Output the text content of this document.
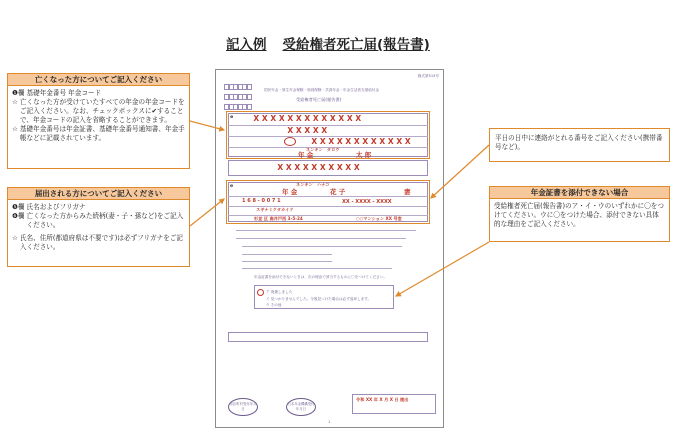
記入例 受給権者死亡届(報告書)
亡くなった方についてご記入ください
❶欄 基礎年金番号 年金コード
☆ 亡くなった方が受けていたすべての年金の年金コードをご記入ください。なお、チェックボックスに✔することで、年金コードの記入を省略することができます。
☆ 基礎年金番号は年金証書、基礎年金番号通知書、年金手帳などに記載されています。
届出される方についてご記入ください
❺欄 氏名およびフリガナ
❻欄 亡くなった方からみた続柄(妻・子・孫など)をご記入ください。
☆ 氏名、住所(都道府県は不要です)は必ずフリガナをご記入ください。
平日の日中に連絡がとれる番号をご記入ください(携帯番号など)。
年金証書を添付できない場合
受給権者死亡届(報告書)のア・イ・ウのいずれかに〇をつけてください。ウに〇をつけた場合、添付できない具体的な理由をご記入ください。
様式第515号
国民年金・厚生年金保険・船員保険・共済年金・年金生活者支援給付金
受給権者死亡届(報告書)
❶	X X X X X X X X X X X X X
X X X X X
X X X X X X X X X X X X
ネンキン　タロウ
年 金	太 郎
X X X X X X X X X X
❺	ネンキン　ハナコ
年 金	花 子	妻
1 6 8 - 0 0 7 1	XX - XXXX - XXXX
スギナミクタカイド
杉並 区 高井戸西 3-5-24	○○マンション XX 号室
年金証書を添付できないときは、次の理由で該当するものに〇をつけてください。
ア 廃棄しました
イ 見つかりませんでした。今後見つけた場合は必ず返却します。
ウ その他
市区町村受付年月日
日本年金機構受付年月日
令和 XX 年 X 月 X 日 提出
1
